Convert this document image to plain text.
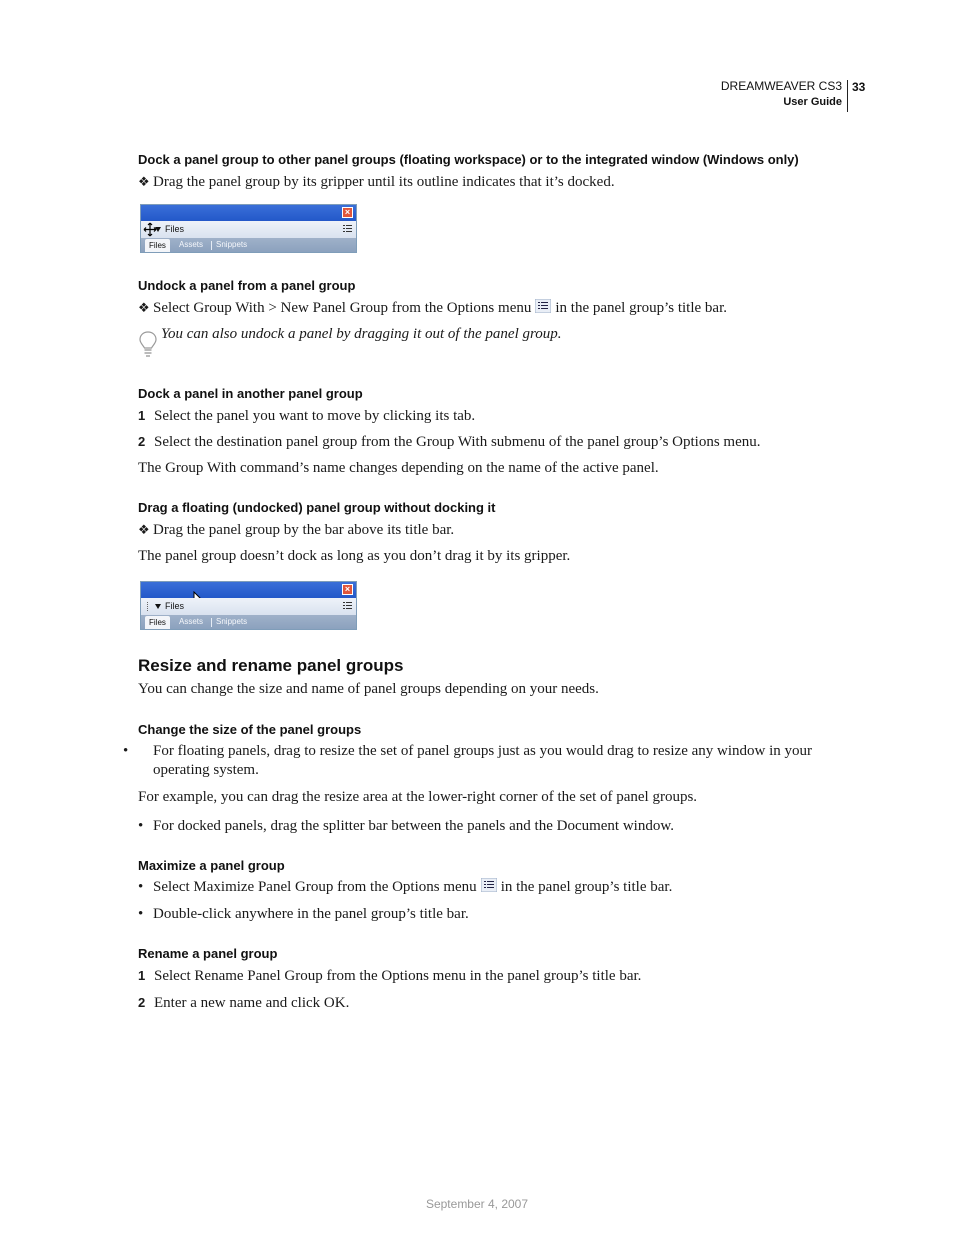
DREAMWEAVER CS3
User Guide
33
Dock a panel group to other panel groups (floating workspace) or to the integrated window (Windows only)
❖ Drag the panel group by its gripper until its outline indicates that it’s docked.
×
Files
Files	Assets Snippets
Undock a panel from a panel group
❖ Select Group With > New Panel Group from the Options menu in the panel group’s title bar.
You can also undock a panel by dragging it out of the panel group.
Dock a panel in another panel group
1 Select the panel you want to move by clicking its tab.
2 Select the destination panel group from the Group With submenu of the panel group’s Options menu.
The Group With command’s name changes depending on the name of the active panel.
Drag a floating (undocked) panel group without docking it
❖ Drag the panel group by the bar above its title bar.
The panel group doesn’t dock as long as you don’t drag it by its gripper.
×
Files
Files	Assets Snippets
Resize and rename panel groups
You can change the size and name of panel groups depending on your needs.
Change the size of the panel groups
• For floating panels, drag to resize the set of panel groups just as you would drag to resize any window in your operating system.
For example, you can drag the resize area at the lower-right corner of the set of panel groups.
• For docked panels, drag the splitter bar between the panels and the Document window.
Maximize a panel group
• Select Maximize Panel Group from the Options menu in the panel group’s title bar.
• Double-click anywhere in the panel group’s title bar.
Rename a panel group
1 Select Rename Panel Group from the Options menu in the panel group’s title bar.
2 Enter a new name and click OK.
September 4, 2007
